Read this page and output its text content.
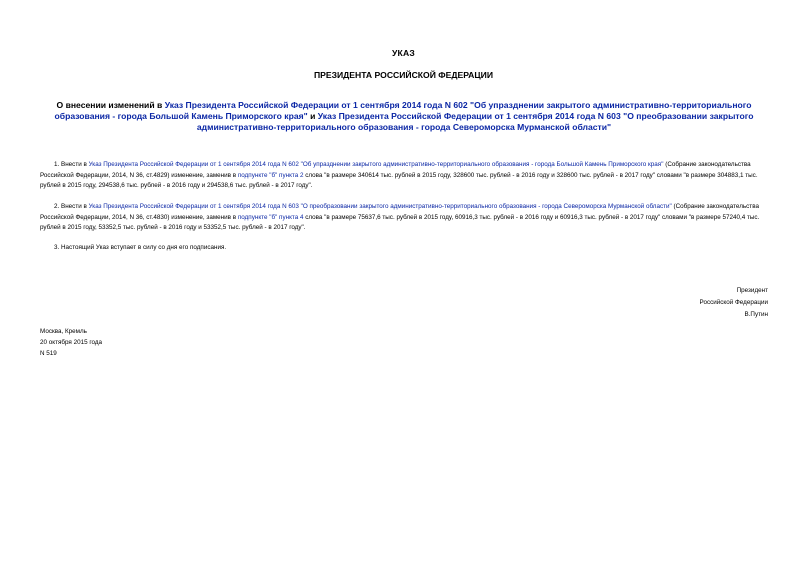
УКАЗ
ПРЕЗИДЕНТА РОССИЙСКОЙ ФЕДЕРАЦИИ
О внесении изменений в Указ Президента Российской Федерации от 1 сентября 2014 года N 602 "Об упразднении закрытого административно-территориального образования - города Большой Камень Приморского края" и Указ Президента Российской Федерации от 1 сентября 2014 года N 603 "О преобразовании закрытого административно-территориального образования - города Североморска Мурманской области"
1. Внести в Указ Президента Российской Федерации от 1 сентября 2014 года N 602 "Об упразднении закрытого административно-территориального образования - города Большой Камень Приморского края" (Собрание законодательства Российской Федерации, 2014, N 36, ст.4829) изменение, заменив в подпункте "б" пункта 2 слова "в размере 340614 тыс. рублей в 2015 году, 328600 тыс. рублей - в 2016 году и 328600 тыс. рублей - в 2017 году" словами "в размере 304883,1 тыс. рублей в 2015 году, 294538,6 тыс. рублей - в 2016 году и 294538,6 тыс. рублей - в 2017 году".
2. Внести в Указ Президента Российской Федерации от 1 сентября 2014 года N 603 "О преобразовании закрытого административно-территориального образования - города Североморска Мурманской области" (Собрание законодательства Российской Федерации, 2014, N 36, ст.4830) изменение, заменив в подпункте "б" пункта 4 слова "в размере 75637,6 тыс. рублей в 2015 году, 60916,3 тыс. рублей - в 2016 году и 60916,3 тыс. рублей - в 2017 году" словами "в размере 57240,4 тыс. рублей в 2015 году, 53352,5 тыс. рублей - в 2016 году и 53352,5 тыс. рублей - в 2017 году".
3. Настоящий Указ вступает в силу со дня его подписания.
Президент
Российской Федерации
В.Путин
Москва, Кремль
20 октября 2015 года
N 519
